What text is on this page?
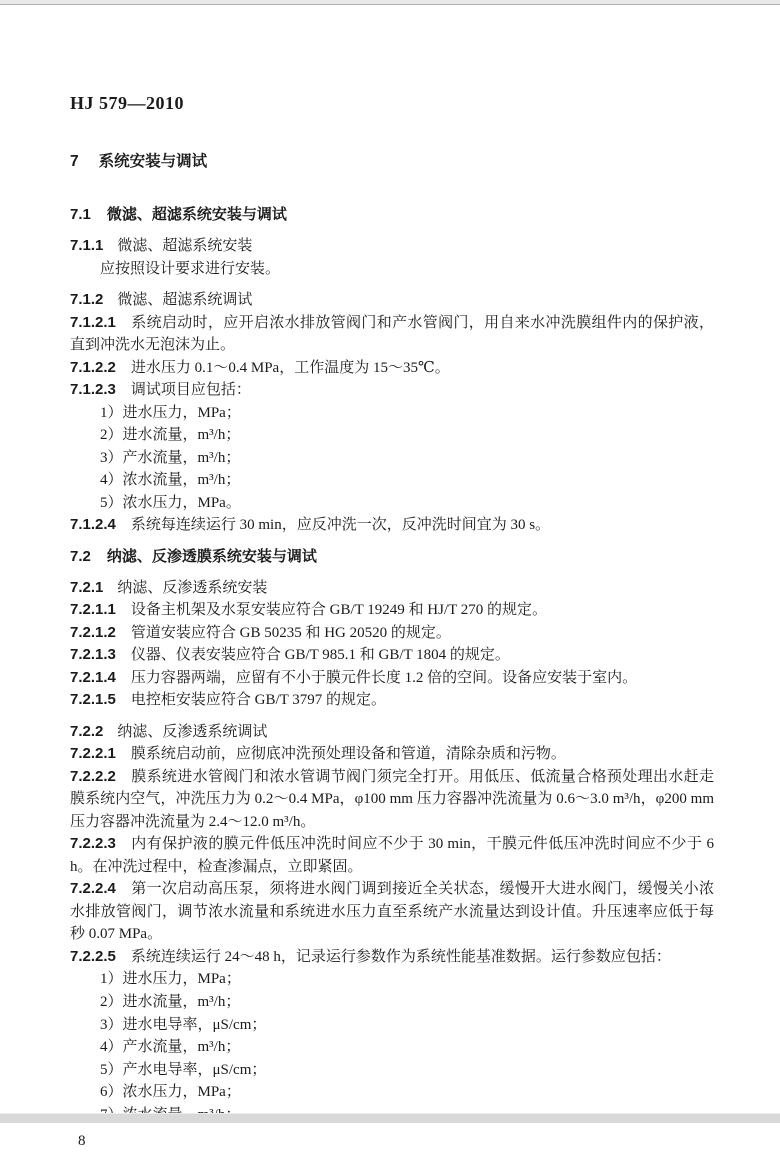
HJ 579—2010

7 系统安装与调试

7.1 微滤、超滤系统安装与调试

7.1.1 微滤、超滤系统安装

应按照设计要求进行安装。

7.1.2 微滤、超滤系统调试

7.1.2.1 系统启动时，应开启浓水排放管阀门和产水管阀门，用自来水冲洗膜组件内的保护液，直到冲洗水无泡沫为止。

7.1.2.2 进水压力 0.1～0.4 MPa，工作温度为 15～35℃。

7.1.2.3 调试项目应包括：

1）进水压力，MPa；

2）进水流量，m³/h；

3）产水流量，m³/h；

4）浓水流量，m³/h；

5）浓水压力，MPa。

7.1.2.4 系统每连续运行 30 min，应反冲洗一次，反冲洗时间宜为 30 s。

7.2 纳滤、反渗透膜系统安装与调试

7.2.1 纳滤、反渗透系统安装

7.2.1.1 设备主机架及水泵安装应符合 GB/T 19249 和 HJ/T 270 的规定。

7.2.1.2 管道安装应符合 GB 50235 和 HG 20520 的规定。

7.2.1.3 仪器、仪表安装应符合 GB/T 985.1 和 GB/T 1804 的规定。

7.2.1.4 压力容器两端，应留有不小于膜元件长度 1.2 倍的空间。设备应安装于室内。

7.2.1.5 电控柜安装应符合 GB/T 3797 的规定。

7.2.2 纳滤、反渗透系统调试

7.2.2.1 膜系统启动前，应彻底冲洗预处理设备和管道，清除杂质和污物。

7.2.2.2 膜系统进水管阀门和浓水管调节阀门须完全打开。用低压、低流量合格预处理出水赶走膜系统内空气，冲洗压力为 0.2～0.4 MPa，φ100 mm 压力容器冲洗流量为 0.6～3.0 m³/h，φ200 mm 压力容器冲洗流量为 2.4～12.0 m³/h。

7.2.2.3 内有保护液的膜元件低压冲洗时间应不少于 30 min，干膜元件低压冲洗时间应不少于 6 h。在冲洗过程中，检查渗漏点，立即紧固。

7.2.2.4 第一次启动高压泵，须将进水阀门调到接近全关状态，缓慢开大进水阀门，缓慢关小浓水排放管阀门，调节浓水流量和系统进水压力直至系统产水流量达到设计值。升压速率应低于每秒 0.07 MPa。

7.2.2.5 系统连续运行 24～48 h，记录运行参数作为系统性能基准数据。运行参数应包括：

1）进水压力，MPa；

2）进水流量，m³/h；

3）进水电导率，μS/cm；

4）产水流量，m³/h；

5）产水电导率，μS/cm；

6）浓水压力，MPa；

8
